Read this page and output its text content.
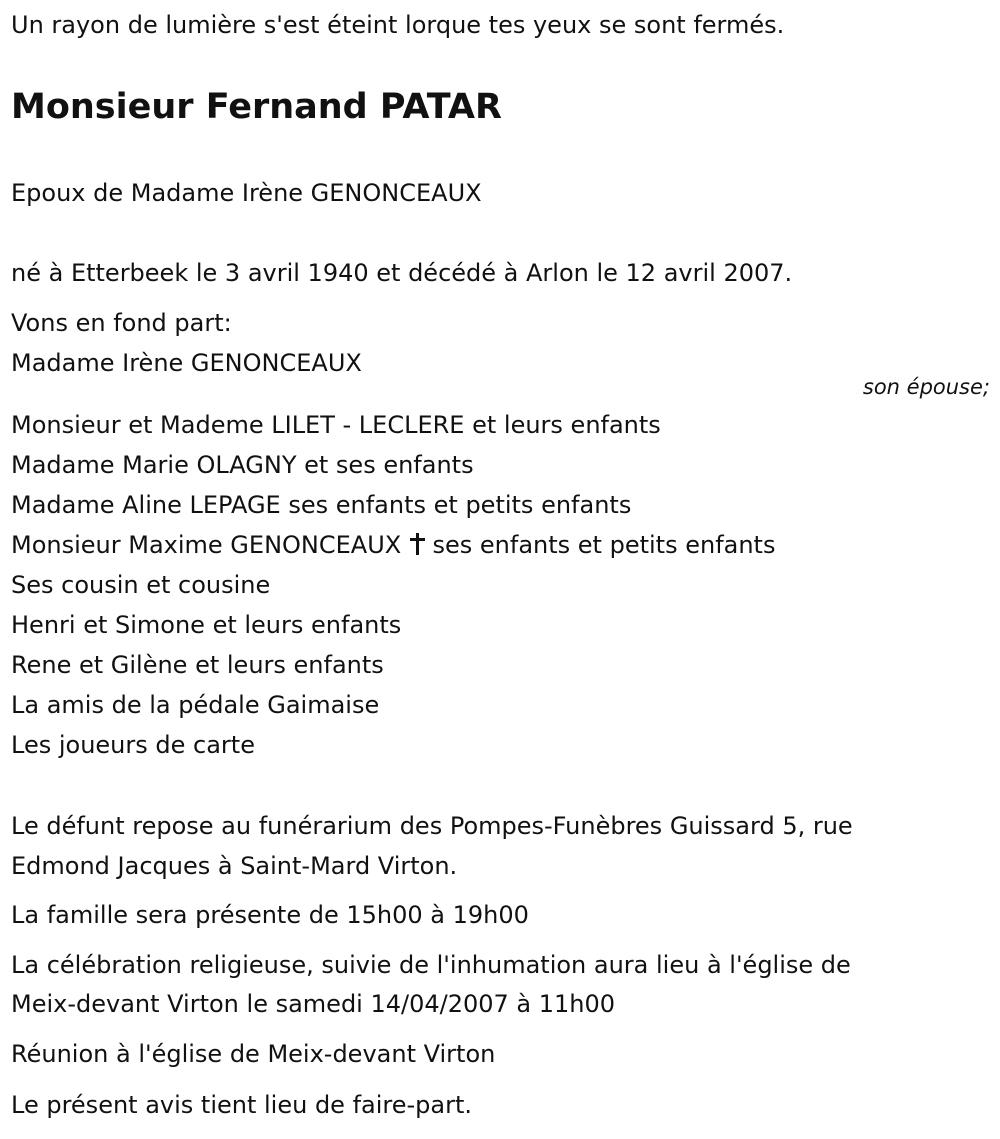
Un rayon de lumière s'est éteint lorque tes yeux se sont fermés.

Monsieur Fernand PATAR

Epoux de Madame Irène GENONCEAUX

né à Etterbeek le 3 avril 1940 et décédé à Arlon le 12 avril 2007.

Vons en fond part:

Madame Irène GENONCEAUX

son épouse;

Monsieur et Mademe LILET - LECLERE et leurs enfants

Madame Marie OLAGNY et ses enfants

Madame Aline LEPAGE ses enfants et petits enfants

Monsieur Maxime GENONCEAUX ses enfants et petits enfants

Ses cousin et cousine

Henri et Simone et leurs enfants

Rene et Gilène et leurs enfants

La amis de la pédale Gaimaise

Les joueurs de carte

Le défunt repose au funérarium des Pompes-Funèbres Guissard 5, rue

Edmond Jacques à Saint-Mard Virton.

La famille sera présente de 15h00 à 19h00

La célébration religieuse, suivie de l'inhumation aura lieu à l'église de

Meix-devant Virton le samedi 14/04/2007 à 11h00

Réunion à l'église de Meix-devant Virton

Le présent avis tient lieu de faire-part.
